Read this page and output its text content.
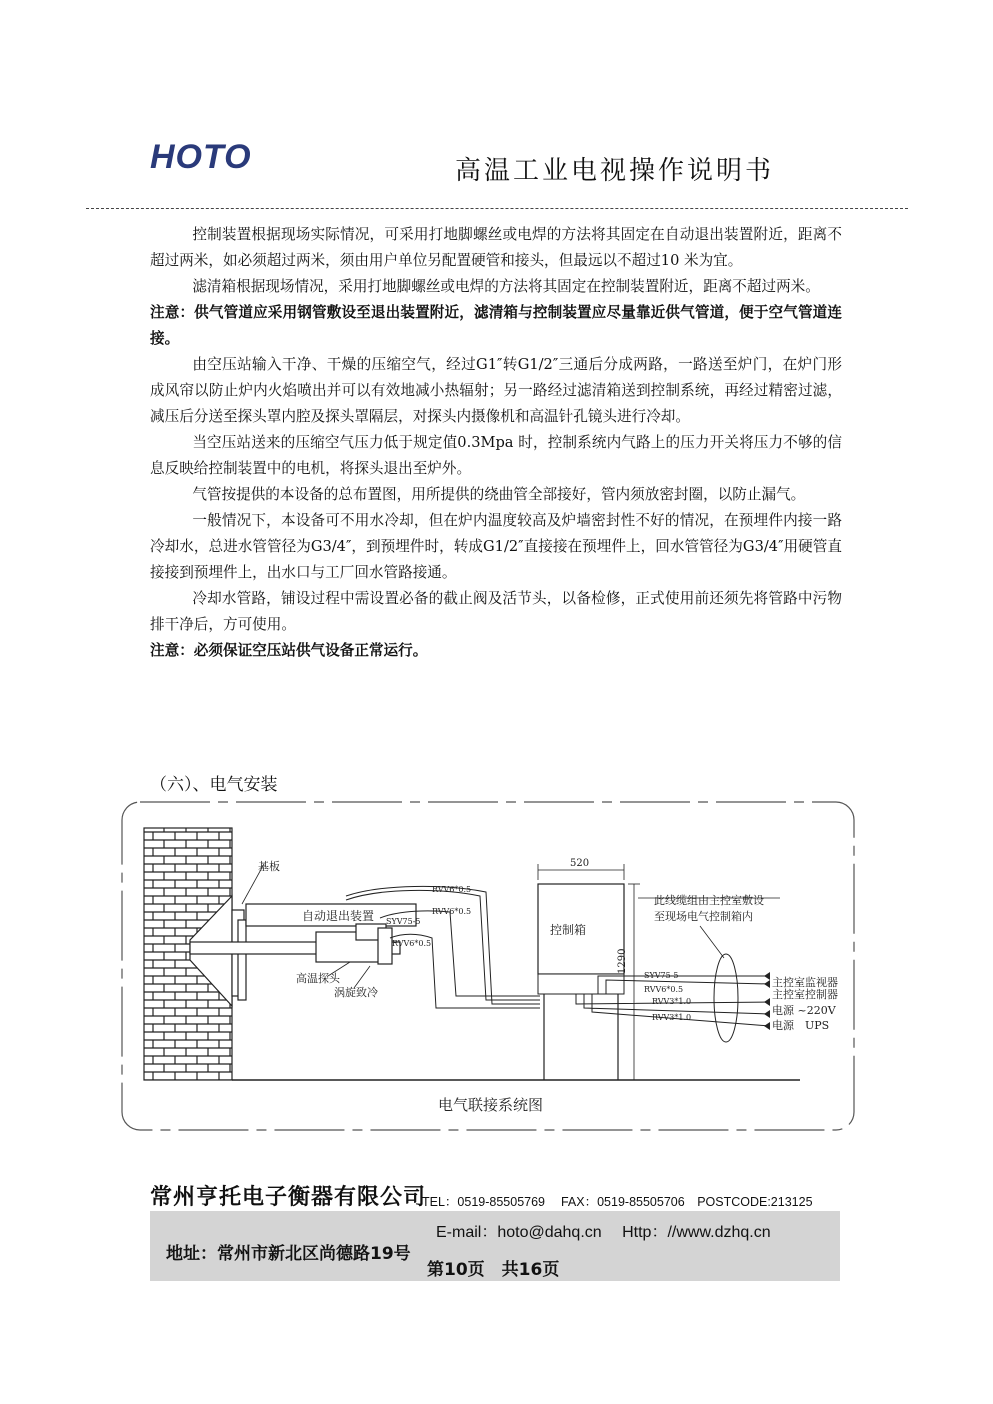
HOTO	高温工业电视操作说明书

控制装置根据现场实际情况，可采用打地脚螺丝或电焊的方法将其固定在自动退出装置附近，距离不超过两米，如必须超过两米，须由用户单位另配置硬管和接头，但最远以不超过10 米为宜。

滤清箱根据现场情况，采用打地脚螺丝或电焊的方法将其固定在控制装置附近，距离不超过两米。

注意：供气管道应采用钢管敷设至退出装置附近，滤清箱与控制装置应尽量靠近供气管道，便于空气管道连接。

由空压站输入干净、干燥的压缩空气，经过G1″转G1/2″三通后分成两路，一路送至炉门，在炉门形成风帘以防止炉内火焰喷出并可以有效地减小热辐射；另一路经过滤清箱送到控制系统，再经过精密过滤，减压后分送至探头罩内腔及探头罩隔层，对探头内摄像机和高温针孔镜头进行冷却。

当空压站送来的压缩空气压力低于规定值0.3Mpa 时，控制系统内气路上的压力开关将压力不够的信息反映给控制装置中的电机，将探头退出至炉外。

气管按提供的本设备的总布置图，用所提供的绕曲管全部接好，管内须放密封圈，以防止漏气。

一般情况下，本设备可不用水冷却，但在炉内温度较高及炉墙密封性不好的情况，在预埋件内接一路冷却水，总进水管管径为G3/4″，到预埋件时，转成G1/2″直接接在预埋件上，回水管管径为G3/4″用硬管直接接到预埋件上，出水口与工厂回水管路接通。

冷却水管路，铺设过程中需设置必备的截止阀及活节头，以备检修，正式使用前还须先将管路中污物排干净后，方可使用。

注意：必须保证空压站供气设备正常运行。

（六）、电气安装
基板
自动退出装置
高温探头
涡旋致冷
RVV6*0.5
RVV6*0.5
SYV75-5
RVV6*0.5
控制箱
520
1290
此线缆组由主控室敷设
至现场电气控制箱内
SYV75-5
RVV6*0.5
RVV3*1.0
RVV3*1.0
主控室监视器
主控室控制器
电源 ~220V
电源　UPS
电气联接系统图
常州亨托电子衡器有限公司
TEL：0519-85505769　 FAX：0519-85505706　POSTCODE:213125
地址：常州市新北区尚德路19号
E-mail：hoto@dahq.cn　 Http：//www.dzhq.cn
第10页　共16页
